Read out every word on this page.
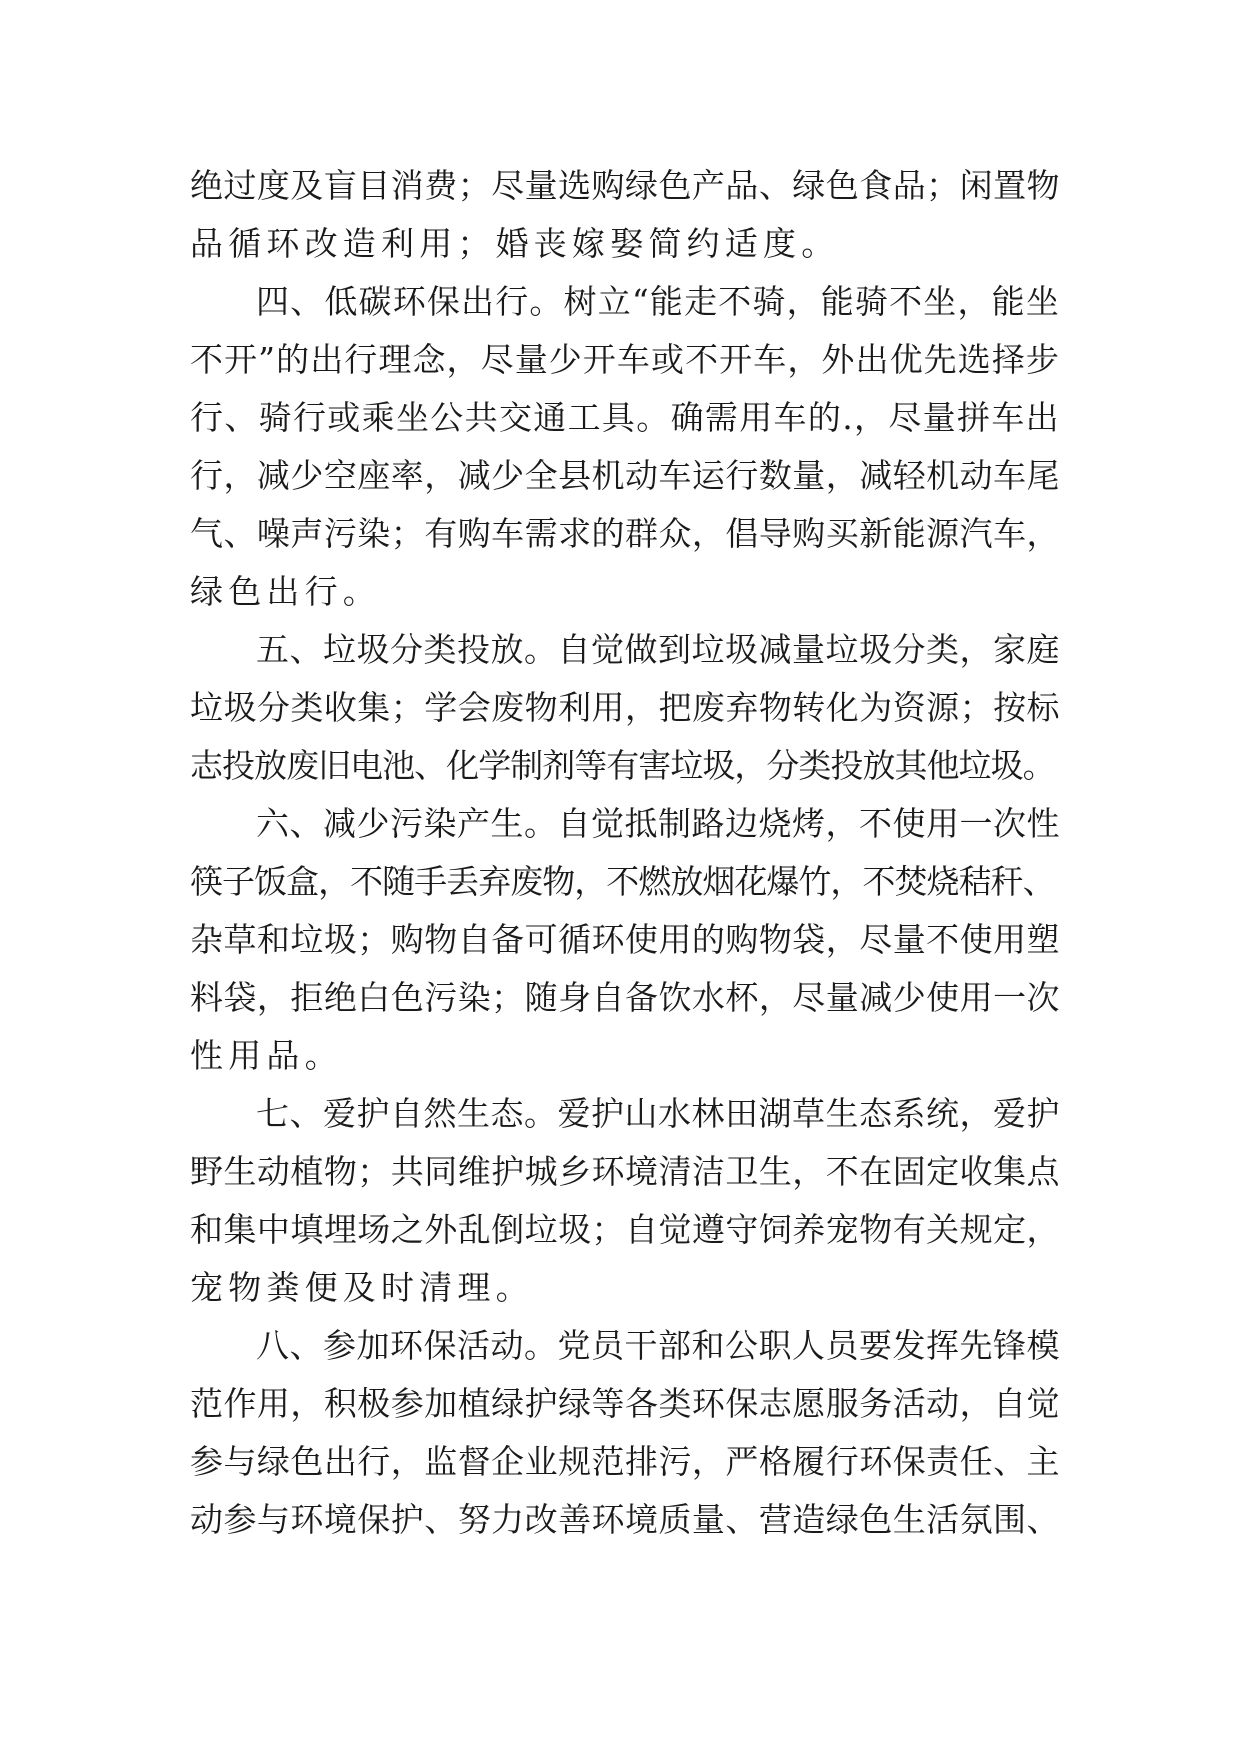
绝过度及盲目消费；尽量选购绿色产品、绿色食品；闲置物
品循环改造利用；婚丧嫁娶简约适度。
四、低碳环保出行。树立“能走不骑，能骑不坐，能坐
不开”的出行理念，尽量少开车或不开车，外出优先选择步
行、骑行或乘坐公共交通工具。确需用车的.，尽量拼车出
行，减少空座率，减少全县机动车运行数量，减轻机动车尾
气、噪声污染；有购车需求的群众，倡导购买新能源汽车，
绿色出行。
五、垃圾分类投放。自觉做到垃圾减量垃圾分类，家庭
垃圾分类收集；学会废物利用，把废弃物转化为资源；按标
志投放废旧电池、化学制剂等有害垃圾，分类投放其他垃圾。
六、减少污染产生。自觉抵制路边烧烤，不使用一次性
筷子饭盒，不随手丢弃废物，不燃放烟花爆竹，不焚烧秸秆、
杂草和垃圾；购物自备可循环使用的购物袋，尽量不使用塑
料袋，拒绝白色污染；随身自备饮水杯，尽量减少使用一次
性用品。
七、爱护自然生态。爱护山水林田湖草生态系统，爱护
野生动植物；共同维护城乡环境清洁卫生，不在固定收集点
和集中填埋场之外乱倒垃圾；自觉遵守饲养宠物有关规定，
宠物粪便及时清理。
八、参加环保活动。党员干部和公职人员要发挥先锋模
范作用，积极参加植绿护绿等各类环保志愿服务活动，自觉
参与绿色出行，监督企业规范排污，严格履行环保责任、主
动参与环境保护、努力改善环境质量、营造绿色生活氛围、
